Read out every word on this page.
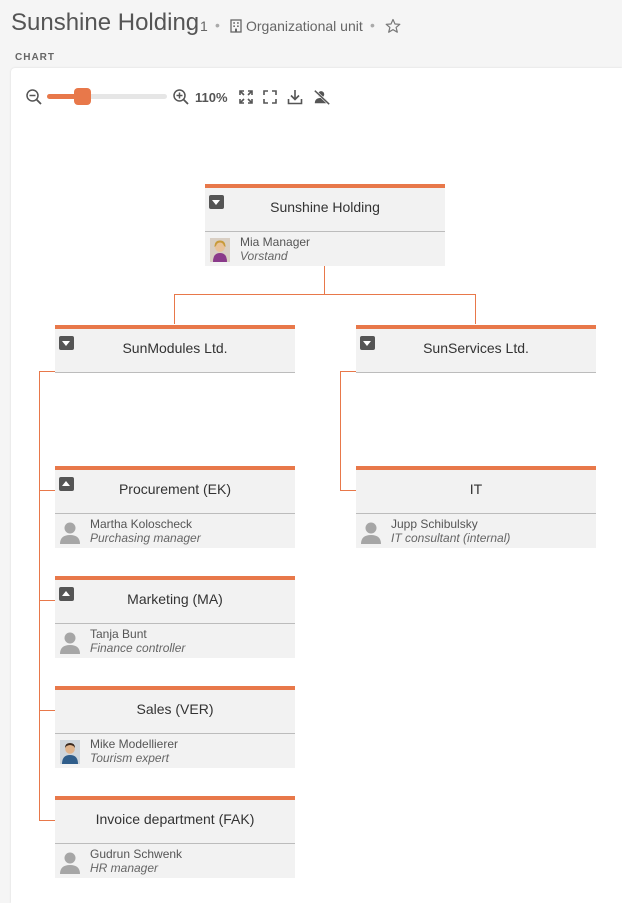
Sunshine Holding 1 • Organizational unit •
CHART
110%
Sunshine Holding
Mia Manager
Vorstand
SunModules Ltd.	SunServices Ltd.
Procurement (EK)
Martha Koloscheck
Purchasing manager
Marketing (MA)
Tanja Bunt
Finance controller
Sales (VER)
Mike Modellierer
Tourism expert
Invoice department (FAK)
Gudrun Schwenk
HR manager
IT
Jupp Schibulsky
IT consultant (internal)
